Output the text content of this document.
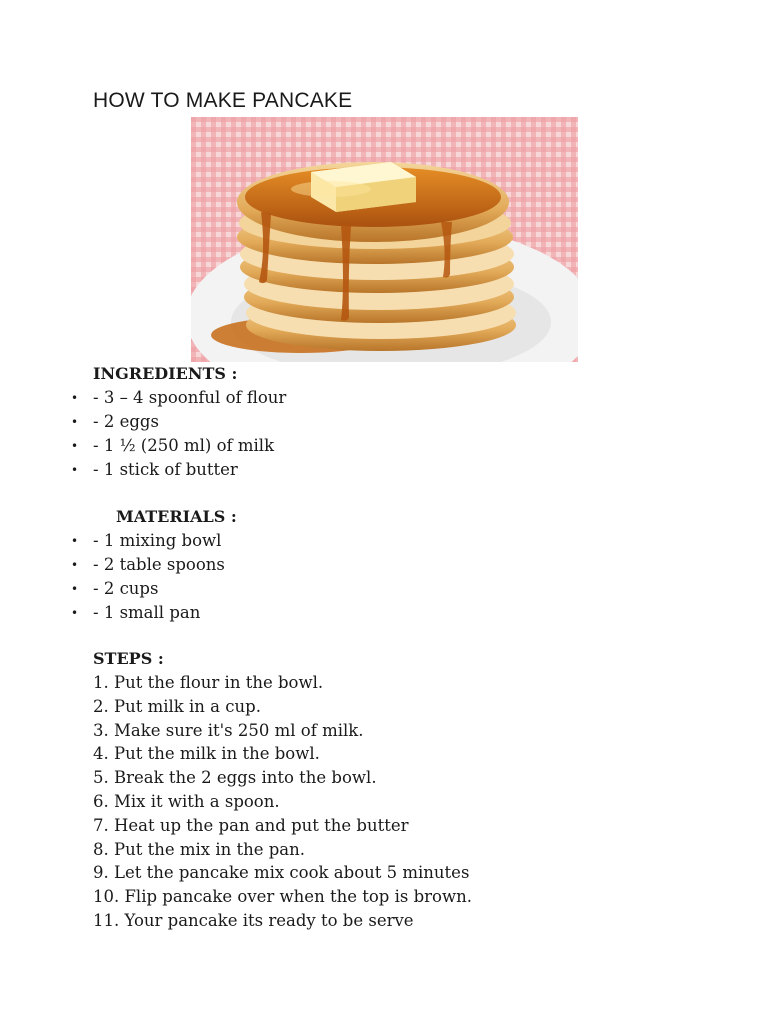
HOW TO MAKE PANCAKE
INGREDIENTS :
• - 3 – 4 spoonful of flour
• - 2 eggs
• - 1 ½ (250 ml) of milk
• - 1 stick of butter
MATERIALS :
• - 1 mixing bowl
• - 2 table spoons
• - 2 cups
• - 1 small pan
STEPS :
1. Put the flour in the bowl.
2. Put milk in a cup.
3. Make sure it's 250 ml of milk.
4. Put the milk in the bowl.
5. Break the 2 eggs into the bowl.
6. Mix it with a spoon.
7. Heat up the pan and put the butter
8. Put the mix in the pan.
9. Let the pancake mix cook about 5 minutes
10. Flip pancake over when the top is brown.
11. Your pancake its ready to be serve
